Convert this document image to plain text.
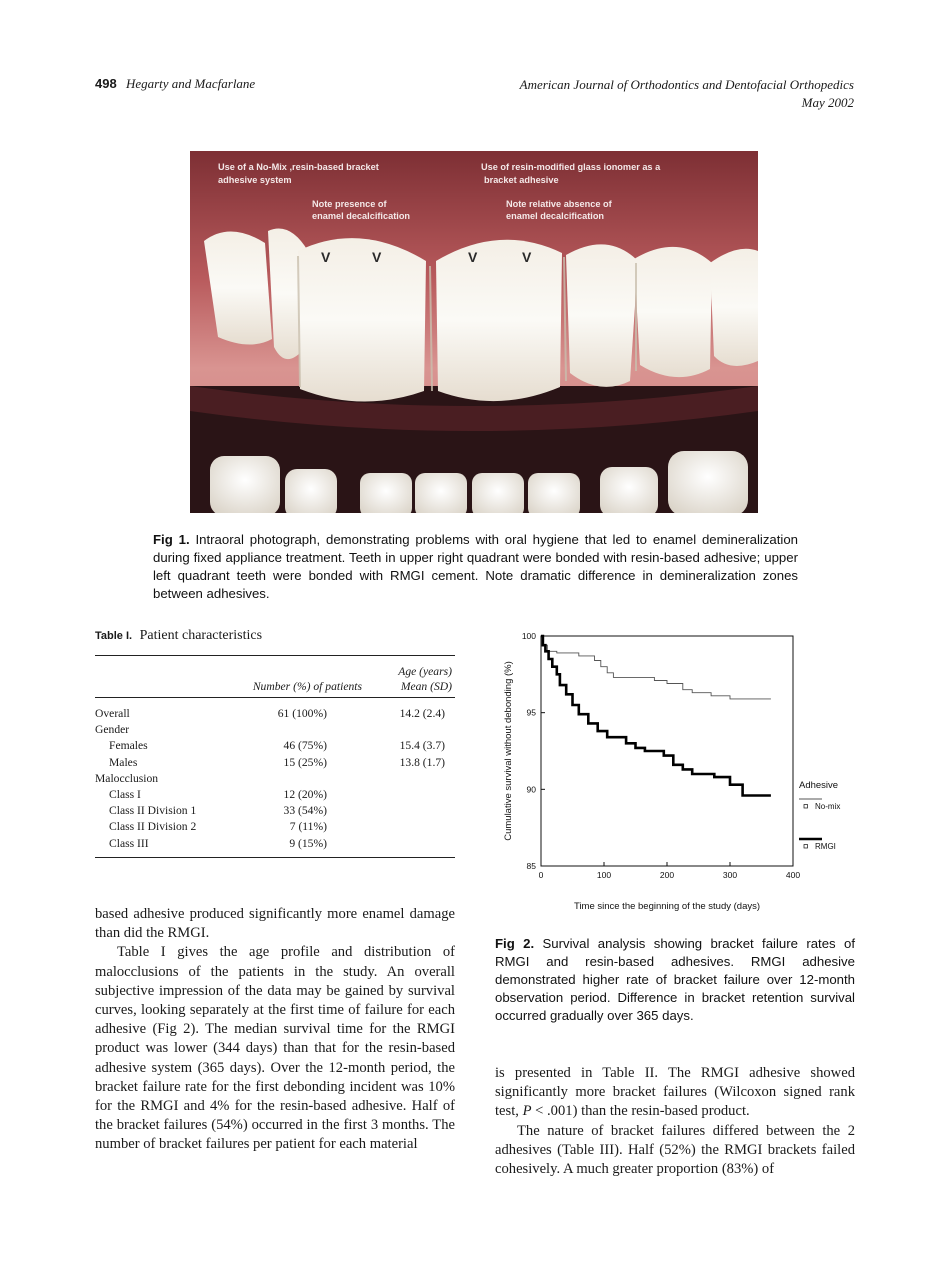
498 Hegarty and Macfarlane	American Journal of Orthodontics and Dentofacial Orthopedics
May 2002
Use of a No-Mix ,resin-based bracket
adhesive system
Note presence of
enamel decalcification
Use of resin-modified glass ionomer as a
bracket adhesive
Note relative absence of
enamel decalcification
V	V	V	V
Fig 1. Intraoral photograph, demonstrating problems with oral hygiene that led to enamel demineralization during fixed appliance treatment. Teeth in upper right quadrant were bonded with resin-based adhesive; upper left quadrant teeth were bonded with RMGI cement. Note dramatic difference in demineralization zones between adhesives.
Table I. Patient characteristics
Number (%) of patients
Age (years)
Mean (SD)
Overall	61 (100%)	14.2 (2.4)
Gender
Females	46 (75%)	15.4 (3.7)
Males	15 (25%)	13.8 (1.7)
Malocclusion
Class I	12 (20%)
Class II Division 1	33 (54%)
Class II Division 2	7 (11%)
Class III	9 (15%)
0	100	200	300	400
85
90
95
100
Time since the beginning of the study (days)
Cumulative survival without debonding (%)	Adhesive
No-mix
RMGI
Fig 2. Survival analysis showing bracket failure rates of RMGI and resin-based adhesives. RMGI adhesive demonstrated higher rate of bracket failure over 12-month observation period. Difference in bracket retention survival occurred gradually over 365 days.
based adhesive produced significantly more enamel damage than did the RMGI.
Table I gives the age profile and distribution of malocclusions of the patients in the study. An overall subjective impression of the data may be gained by survival curves, looking separately at the first time of failure for each adhesive (Fig 2). The median survival time for the RMGI product was lower (344 days) than that for the resin-based adhesive system (365 days). Over the 12-month period, the bracket failure rate for the first debonding incident was 10% for the RMGI and 4% for the resin-based adhesive. Half of the bracket failures (54%) occurred in the first 3 months. The number of bracket failures per patient for each material
is presented in Table II. The RMGI adhesive showed significantly more bracket failures (Wilcoxon signed rank test, P < .001) than the resin-based product.
The nature of bracket failures differed between the 2 adhesives (Table III). Half (52%) the RMGI brackets failed cohesively. A much greater proportion (83%) of
